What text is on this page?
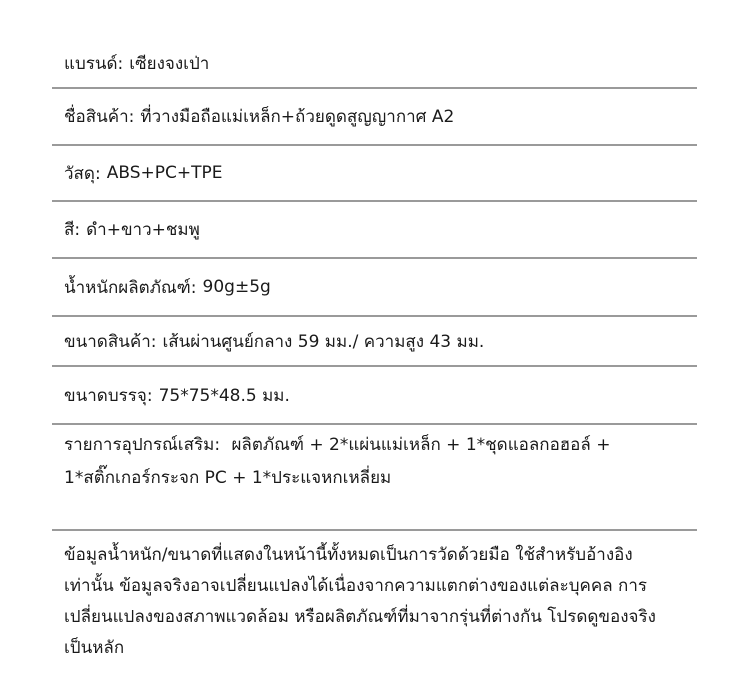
แบรนด์: เซียงจงเป่า
ชื่อสินค้า: ที่วางมือถือแม่เหล็ก+ถ้วยดูดสูญญากาศ A2
วัสดุ: ABS+PC+TPE
สี: ดำ+ขาว+ชมพู
น้ำหนักผลิตภัณฑ์: 90g±5g
ขนาดสินค้า: เส้นผ่านศูนย์กลาง 59 มม./ ความสูง 43 มม.
ขนาดบรรจุ: 75*75*48.5 มม.
รายการอุปกรณ์เสริม: ผลิตภัณฑ์ + 2*แผ่นแม่เหล็ก + 1*ชุดแอลกอฮอล์ + 1*สติ๊กเกอร์กระจก PC + 1*ประแจหกเหลี่ยม
ข้อมูลน้ำหนัก/ขนาดที่แสดงในหน้านี้ทั้งหมดเป็นการวัดด้วยมือ ใช้สำหรับอ้างอิงเท่านั้น ข้อมูลจริงอาจเปลี่ยนแปลงได้เนื่องจากความแตกต่างของแต่ละบุคคล การเปลี่ยนแปลงของสภาพแวดล้อม หรือผลิตภัณฑ์ที่มาจากรุ่นที่ต่างกัน โปรดดูของจริงเป็นหลัก
